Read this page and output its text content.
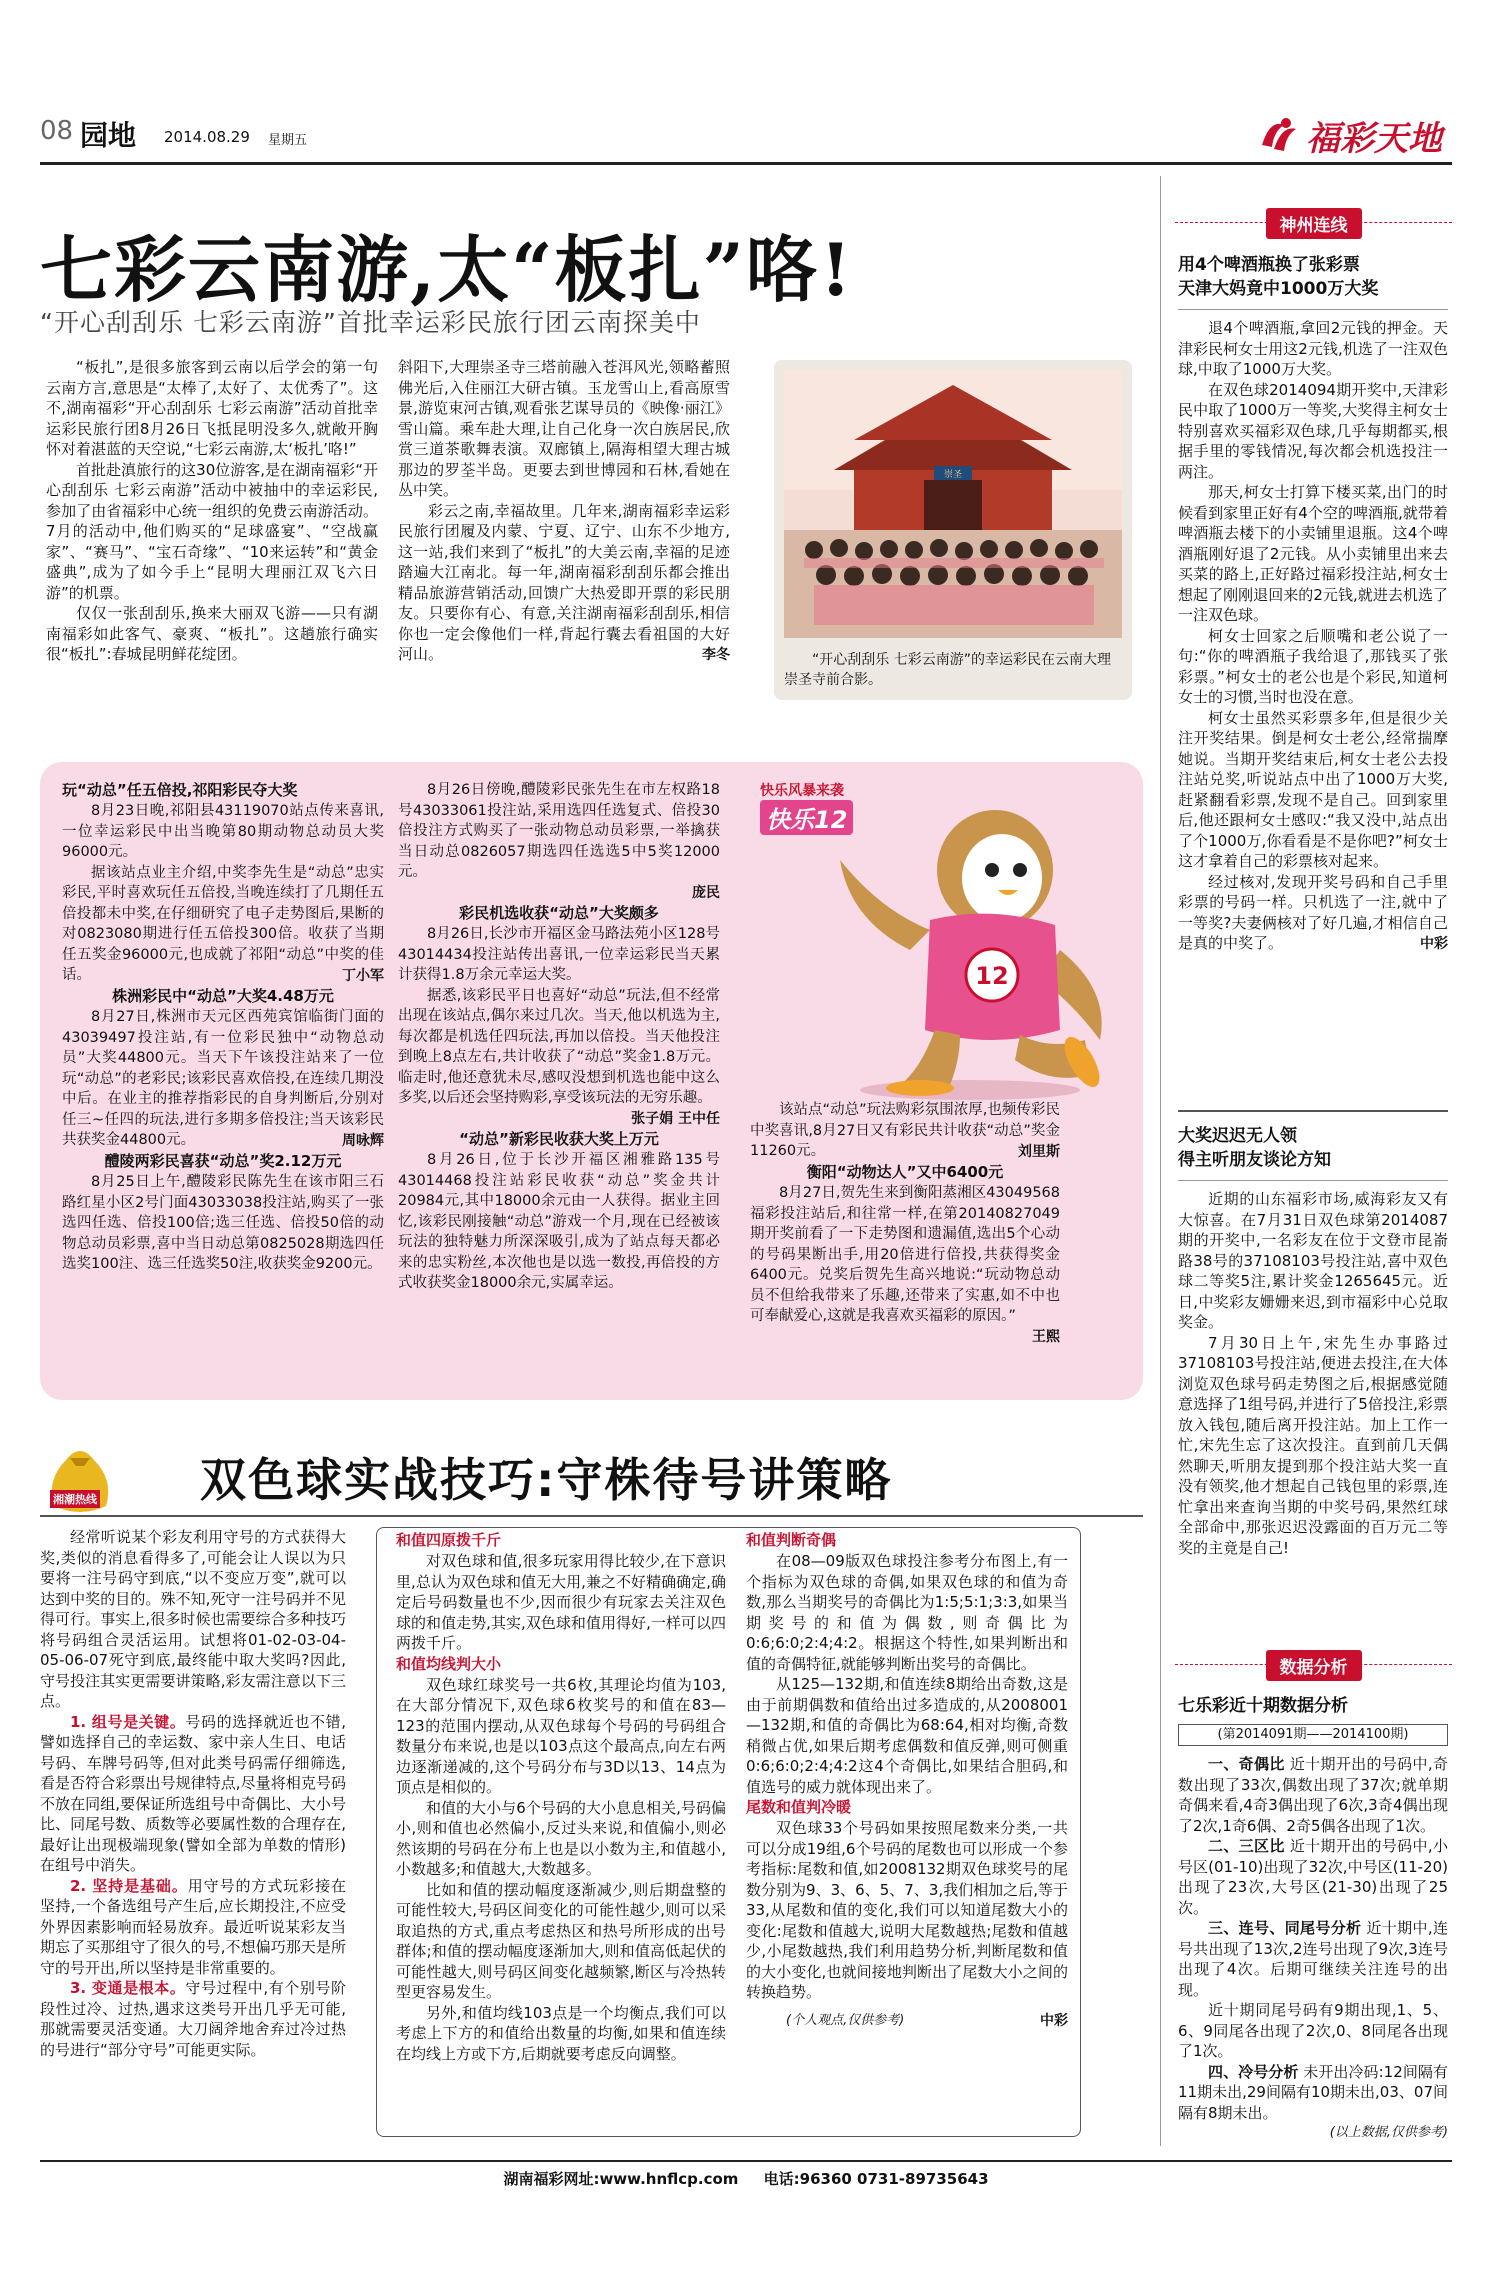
08 园地 2014.08.29 星期五	福彩天地
七彩云南游,太“板扎”咯!
“开心刮刮乐 七彩云南游”首批幸运彩民旅行团云南探美中

“板扎”,是很多旅客到云南以后学会的第一句云南方言,意思是“太棒了,太好了、太优秀了”。这不,湖南福彩“开心刮刮乐 七彩云南游”活动首批幸运彩民旅行团8月26日飞抵昆明没多久,就敞开胸怀对着湛蓝的天空说,“七彩云南游,太‘板扎’咯!”

首批赴滇旅行的这30位游客,是在湖南福彩“开心刮刮乐 七彩云南游”活动中被抽中的幸运彩民,参加了由省福彩中心统一组织的免费云南游活动。7月的活动中,他们购买的“足球盛宴”、“空战赢家”、“赛马”、“宝石奇缘”、“10来运转”和“黄金盛典”,成为了如今手上“昆明大理丽江双飞六日游”的机票。

仅仅一张刮刮乐,换来大丽双飞游——只有湖南福彩如此客气、豪爽、“板扎”。这趟旅行确实很“板扎”:春城昆明鲜花绽团。

斜阳下,大理崇圣寺三塔前融入苍洱风光,领略蓄照佛光后,入住丽江大研古镇。玉龙雪山上,看高原雪景,游览束河古镇,观看张艺谋导员的《映像·丽江》雪山篇。乘车赴大理,让自己化身一次白族居民,欣赏三道茶歌舞表演。双廊镇上,隔海相望大理古城那边的罗荃半岛。更要去到世博园和石林,看她在丛中笑。

彩云之南,幸福故里。几年来,湖南福彩幸运彩民旅行团履及内蒙、宁夏、辽宁、山东不少地方,这一站,我们来到了“板扎”的大美云南,幸福的足迹踏遍大江南北。每一年,湖南福彩刮刮乐都会推出精品旅游营销活动,回馈广大热爱即开票的彩民朋友。只要你有心、有意,关注湖南福彩刮刮乐,相信你也一定会像他们一样,背起行囊去看祖国的大好河山。	李冬
崇圣
“开心刮刮乐 七彩云南游”的幸运彩民在云南大理崇圣寺前合影。
神州连线
用4个啤酒瓶换了张彩票
天津大妈竟中1000万大奖

退4个啤酒瓶,拿回2元钱的押金。天津彩民柯女士用这2元钱,机选了一注双色球,中取了1000万大奖。

在双色球2014094期开奖中,天津彩民中取了1000万一等奖,大奖得主柯女士特别喜欢买福彩双色球,几乎每期都买,根据手里的零钱情况,每次都会机选投注一两注。

那天,柯女士打算下楼买菜,出门的时候看到家里正好有4个空的啤酒瓶,就带着啤酒瓶去楼下的小卖铺里退瓶。这4个啤酒瓶刚好退了2元钱。从小卖铺里出来去买菜的路上,正好路过福彩投注站,柯女士想起了刚刚退回来的2元钱,就进去机选了一注双色球。

柯女士回家之后顺嘴和老公说了一句:“你的啤酒瓶子我给退了,那钱买了张彩票。”柯女士的老公也是个彩民,知道柯女士的习惯,当时也没在意。

柯女士虽然买彩票多年,但是很少关注开奖结果。倒是柯女士老公,经常揣摩她说。当期开奖结束后,柯女士老公去投注站兑奖,听说站点中出了1000万大奖,赶紧翻看彩票,发现不是自己。回到家里后,他还跟柯女士感叹:“我又没中,站点出了个1000万,你看看是不是你吧?”柯女士这才拿着自己的彩票核对起来。

经过核对,发现开奖号码和自己手里彩票的号码一样。只机选了一注,就中了一等奖?夫妻俩核对了好几遍,才相信自己是真的中奖了。	中彩
大奖迟迟无人领
得主听朋友谈论方知

近期的山东福彩市场,威海彩友又有大惊喜。在7月31日双色球第2014087期的开奖中,一名彩友在位于文登市昆嵛路38号的37108103号投注站,喜中双色球二等奖5注,累计奖金1265645元。近日,中奖彩友姗姗来迟,到市福彩中心兑取奖金。

7月30日上午,宋先生办事路过37108103号投注站,便进去投注,在大体浏览双色球号码走势图之后,根据感觉随意选择了1组号码,并进行了5倍投注,彩票放入钱包,随后离开投注站。加上工作一忙,宋先生忘了这次投注。直到前几天偶然聊天,听朋友提到那个投注站大奖一直没有领奖,他才想起自己钱包里的彩票,连忙拿出来查询当期的中奖号码,果然红球全部命中,那张迟迟没露面的百万元二等奖的主竟是自己!

数据分析
七乐彩近十期数据分析
(第2014091期——2014100期)

一、奇偶比 近十期开出的号码中,奇数出现了33次,偶数出现了37次;就单期奇偶来看,4奇3偶出现了6次,3奇4偶出现了2次,1奇6偶、2奇5偶各出现了1次。

二、三区比 近十期开出的号码中,小号区(01-10)出现了32次,中号区(11-20)出现了23次,大号区(21-30)出现了25次。

三、连号、同尾号分析 近十期中,连号共出现了13次,2连号出现了9次,3连号出现了4次。后期可继续关注连号的出现。

近十期同尾号码有9期出现,1、5、6、9同尾各出现了2次,0、8同尾各出现了1次。

四、冷号分析 未开出冷码:12间隔有11期未出,29间隔有10期未出,03、07间隔有8期未出。

(以上数据,仅供参考)
玩“动总”任五倍投,祁阳彩民夺大奖

8月23日晚,祁阳县43119070站点传来喜讯,一位幸运彩民中出当晚第80期动物总动员大奖96000元。

据该站点业主介绍,中奖李先生是“动总”忠实彩民,平时喜欢玩任五倍投,当晚连续打了几期任五倍投都未中奖,在仔细研究了电子走势图后,果断的对0823080期进行任五倍投300倍。收获了当期任五奖金96000元,也成就了祁阳“动总”中奖的佳话。	丁小军
株洲彩民中“动总”大奖4.48万元

8月27日,株洲市天元区西苑宾馆临街门面的43039497投注站,有一位彩民独中“动物总动员”大奖44800元。当天下午该投注站来了一位玩“动总”的老彩民;该彩民喜欢倍投,在连续几期没中后。在业主的推荐指彩民的自身判断后,分别对任三~任四的玩法,进行多期多倍投注;当天该彩民共获奖金44800元。	周咏辉
醴陵两彩民喜获“动总”奖2.12万元

8月25日上午,醴陵彩民陈先生在该市阳三石路红星小区2号门面43033038投注站,购买了一张选四任选、倍投100倍;选三任选、倍投50倍的动物总动员彩票,喜中当日动总第0825028期选四任选奖100注、选三任选奖50注,收获奖金9200元。

8月26日傍晚,醴陵彩民张先生在市左权路18号43033061投注站,采用选四任选复式、倍投30倍投注方式购买了一张动物总动员彩票,一举擒获当日动总0826057期选四任选选5中5奖12000元。

庞民
彩民机选收获“动总”大奖颇多

8月26日,长沙市开福区金马路法苑小区128号43014434投注站传出喜讯,一位幸运彩民当天累计获得1.8万余元幸运大奖。

据悉,该彩民平日也喜好“动总”玩法,但不经常出现在该站点,偶尔来过几次。当天,他以机选为主,每次都是机选任四玩法,再加以倍投。当天他投注到晚上8点左右,共计收获了“动总”奖金1.8万元。临走时,他还意犹未尽,感叹没想到机选也能中这么多奖,以后还会坚持购彩,享受该玩法的无穷乐趣。

张子娟 王中任
“动总”新彩民收获大奖上万元

8月26日,位于长沙开福区湘雅路135号43014468投注站彩民收获“动总”奖金共计20984元,其中18000余元由一人获得。据业主回忆,该彩民刚接触“动总”游戏一个月,现在已经被该玩法的独特魅力所深深吸引,成为了站点每天都必来的忠实粉丝,本次他也是以选一数投,再倍投的方式收获奖金18000余元,实属幸运。

快乐风暴来袭
快乐12
12

该站点“动总”玩法购彩氛围浓厚,也频传彩民中奖喜讯,8月27日又有彩民共计收获“动总”奖金11260元。	刘里斯
衡阳“动物达人”又中6400元

8月27日,贺先生来到衡阳蒸湘区43049568福彩投注站后,和往常一样,在第20140827049期开奖前看了一下走势图和遗漏值,选出5个心动的号码果断出手,用20倍进行倍投,共获得奖金6400元。兑奖后贺先生高兴地说:“玩动物总动员不但给我带来了乐趣,还带来了实惠,如不中也可奉献爱心,这就是我喜欢买福彩的原因。”

王熙
湘潮热线 双色球实战技巧:守株待号讲策略

经常听说某个彩友利用守号的方式获得大奖,类似的消息看得多了,可能会让人误以为只要将一注号码守到底,“以不变应万变”,就可以达到中奖的目的。殊不知,死守一注号码并不见得可行。事实上,很多时候也需要综合多种技巧将号码组合灵活运用。试想将01-02-03-04-05-06-07死守到底,最终能中取大奖吗?因此,守号投注其实更需要讲策略,彩友需注意以下三点。

1. 组号是关键。号码的选择就近也不错,譬如选择自己的幸运数、家中亲人生日、电话号码、车牌号码等,但对此类号码需仔细筛选,看是否符合彩票出号规律特点,尽量将相克号码不放在同组,要保证所选组号中奇偶比、大小号比、同尾号数、质数等必要属性数的合理存在,最好让出现极端现象(譬如全部为单数的情形)在组号中消失。

2. 坚持是基础。用守号的方式玩彩接在坚持,一个备选组号产生后,应长期投注,不应受外界因素影响而轻易放弃。最近听说某彩友当期忘了买那组守了很久的号,不想偏巧那天是所守的号开出,所以坚持是非常重要的。

3. 变通是根本。守号过程中,有个别号阶段性过冷、过热,遇求这类号开出几乎无可能,那就需要灵活变通。大刀阔斧地舍弃过冷过热的号进行“部分守号”可能更实际。

和值四原拨千斤

对双色球和值,很多玩家用得比较少,在下意识里,总认为双色球和值无大用,兼之不好精确确定,确定后号码数量也不少,因而很少有玩家去关注双色球的和值走势,其实,双色球和值用得好,一样可以四两拨千斤。

和值均线判大小

双色球红球奖号一共6枚,其理论均值为103,在大部分情况下,双色球6枚奖号的和值在83—123的范围内摆动,从双色球每个号码的号码组合数量分布来说,也是以103点这个最高点,向左右两边逐渐递减的,这个号码分布与3D以13、14点为顶点是相似的。

和值的大小与6个号码的大小息息相关,号码偏小,则和值也必然偏小,反过头来说,和值偏小,则必然该期的号码在分布上也是以小数为主,和值越小,小数越多;和值越大,大数越多。

比如和值的摆动幅度逐渐减少,则后期盘整的可能性较大,号码区间变化的可能性越少,则可以采取追热的方式,重点考虑热区和热号所形成的出号群体;和值的摆动幅度逐渐加大,则和值高低起伏的可能性越大,则号码区间变化越频繁,断区与冷热转型更容易发生。

另外,和值均线103点是一个均衡点,我们可以考虑上下方的和值给出数量的均衡,如果和值连续在均线上方或下方,后期就要考虑反向调整。

和值判断奇偶

在08—09版双色球投注参考分布图上,有一个指标为双色球的奇偶,如果双色球的和值为奇数,那么当期奖号的奇偶比为1:5;5:1;3:3,如果当期奖号的和值为偶数,则奇偶比为0:6;6:0;2:4;4:2。根据这个特性,如果判断出和值的奇偶特征,就能够判断出奖号的奇偶比。

从125—132期,和值连续8期给出奇数,这是由于前期偶数和值给出过多造成的,从2008001—132期,和值的奇偶比为68:64,相对均衡,奇数稍微占优,如果后期考虑偶数和值反弹,则可侧重0:6;6:0;2:4;4:2这4个奇偶比,如果结合胆码,和值选号的威力就体现出来了。

尾数和值判冷暖

双色球33个号码如果按照尾数来分类,一共可以分成19组,6个号码的尾数也可以形成一个参考指标:尾数和值,如2008132期双色球奖号的尾数分别为9、3、6、5、7、3,我们相加之后,等于33,从尾数和值的变化,我们可以知道尾数大小的变化:尾数和值越大,说明大尾数越热;尾数和值越少,小尾数越热,我们利用趋势分析,判断尾数和值的大小变化,也就间接地判断出了尾数大小之间的转换趋势。

(个人观点,仅供参考)	中彩
湖南福彩网址:www.hnflcp.com 电话:96360 0731-89735643
